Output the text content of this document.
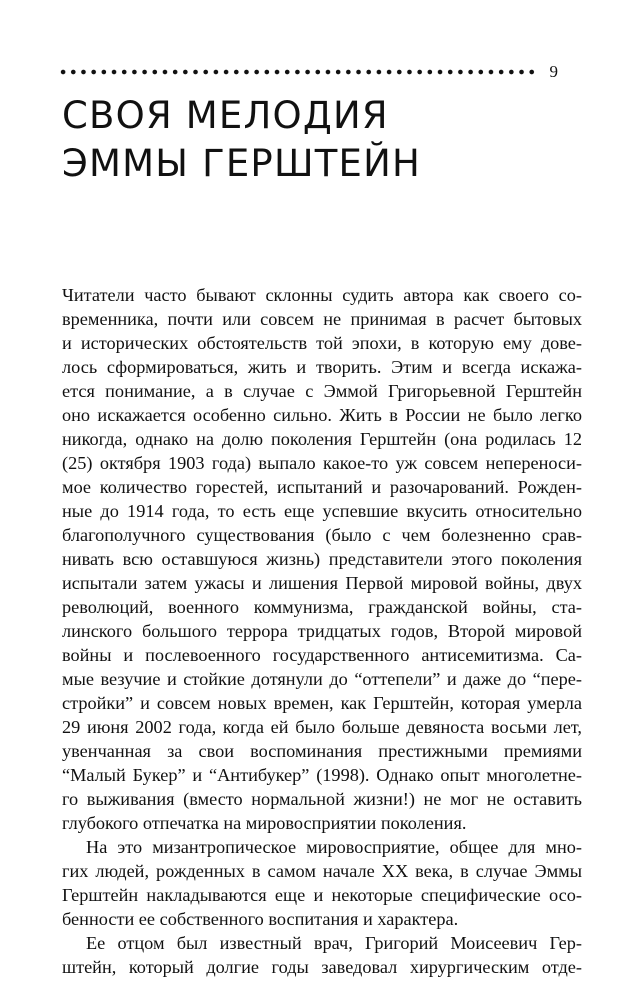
9
СВОЯ МЕЛОДИЯ
ЭММЫ ГЕРШТЕЙН

Читатели часто бывают склонны судить автора как своего со-
временника, почти или совсем не принимая в расчет бытовых
и исторических обстоятельств той эпохи, в которую ему дове-
лось сформироваться, жить и творить. Этим и всегда искажа-
ется понимание, а в случае с Эммой Григорьевной Герштейн
оно искажается особенно сильно. Жить в России не было легко
никогда, однако на долю поколения Герштейн (она родилась 12
(25) октября 1903 года) выпало какое-то уж совсем непереноси-
мое количество горестей, испытаний и разочарований. Рожден-
ные до 1914 года, то есть еще успевшие вкусить относительно
благополучного существования (было с чем болезненно срав-
нивать всю оставшуюся жизнь) представители этого поколения
испытали затем ужасы и лишения Первой мировой войны, двух
революций, военного коммунизма, гражданской войны, ста-
линского большого террора тридцатых годов, Второй мировой
войны и послевоенного государственного антисемитизма. Са-
мые везучие и стойкие дотянули до “оттепели” и даже до “пере-
стройки” и совсем новых времен, как Герштейн, которая умерла
29 июня 2002 года, когда ей было больше девяноста восьми лет,
увенчанная за свои воспоминания престижными премиями
“Малый Букер” и “Антибукер” (1998). Однако опыт многолетне-
го выживания (вместо нормальной жизни!) не мог не оставить
глубокого отпечатка на мировосприятии поколения.

На это мизантропическое мировосприятие, общее для мно-
гих людей, рожденных в самом начале XX века, в случае Эммы
Герштейн накладываются еще и некоторые специфические осо-
бенности ее собственного воспитания и характера.

Ее отцом был известный врач, Григорий Моисеевич Гер-
штейн, который долгие годы заведовал хирургическим отде-
